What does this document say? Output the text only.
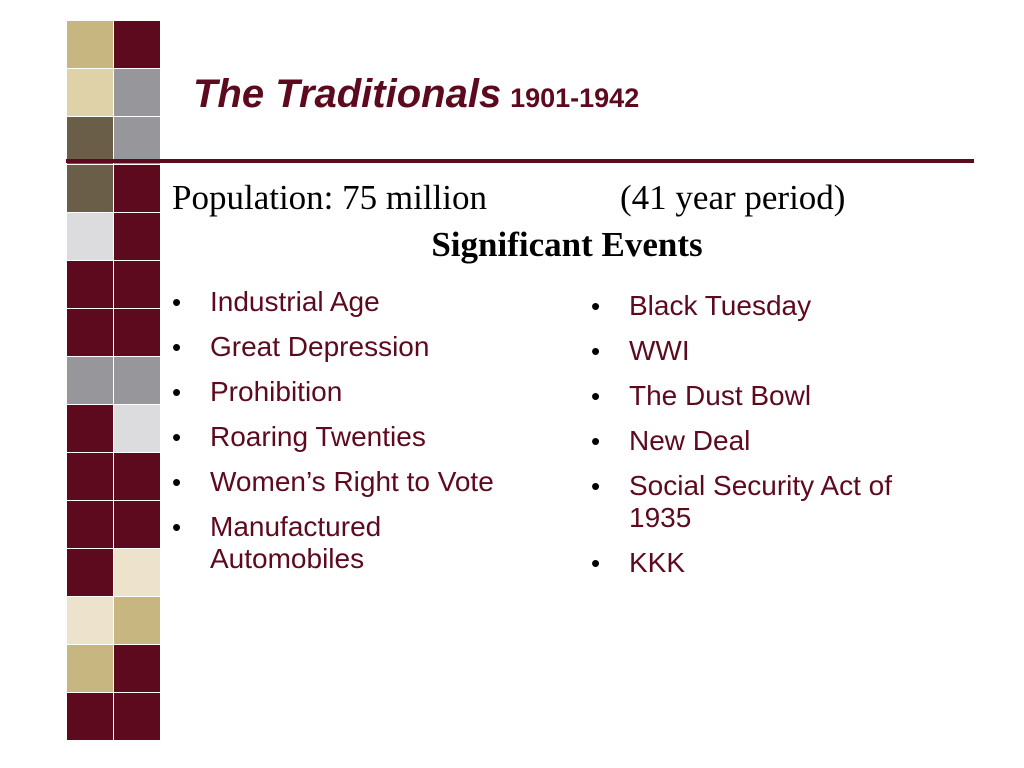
The Traditionals 1901-1942
Population: 75 million	(41 year period)
Significant Events
• Industrial Age
• Great Depression
• Prohibition
• Roaring Twenties
• Women’s Right to Vote
• Manufactured Automobiles
• Black Tuesday
• WWI
• The Dust Bowl
• New Deal
• Social Security Act of 1935
• KKK
